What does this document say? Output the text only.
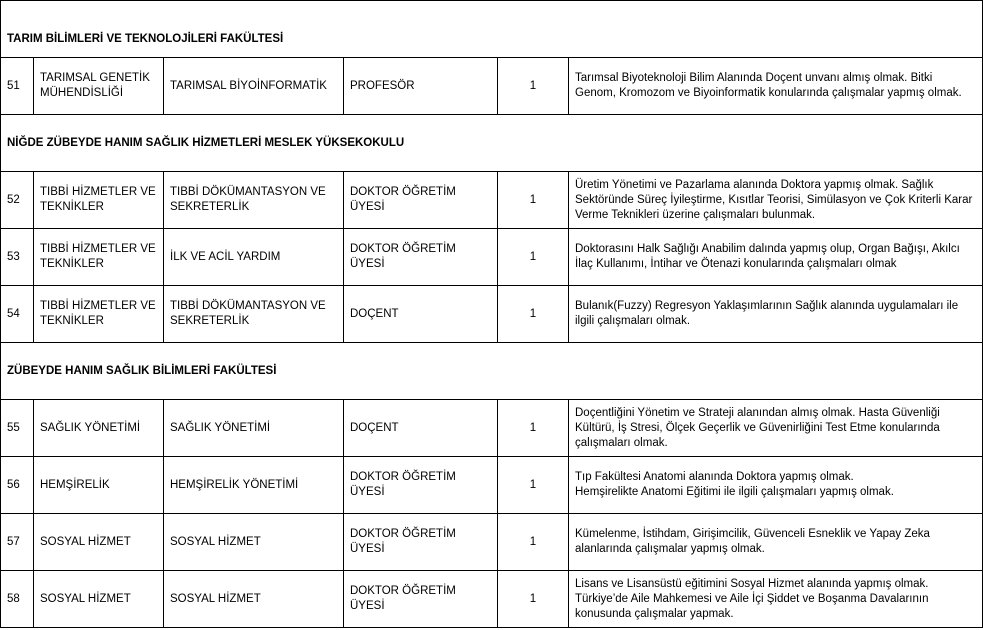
TARIM BİLİMLERİ VE TEKNOLOJİLERİ FAKÜLTESİ					
51	TARIMSAL GENETİK MÜHENDİSLİĞİ	TARIMSAL BİYOİNFORMATİK	PROFESÖR	1	Tarımsal Biyoteknoloji Bilim Alanında Doçent unvanı almış olmak. Bitki Genom, Kromozom ve Biyoinformatik konularında çalışmalar yapmış olmak.
NİĞDE ZÜBEYDE HANIM SAĞLIK HİZMETLERİ MESLEK YÜKSEKOKULU					
52	TIBBİ HİZMETLER VE TEKNİKLER	TIBBİ DÖKÜMANTASYON VE SEKRETERLİK	DOKTOR ÖĞRETİM ÜYESİ	1	Üretim Yönetimi ve Pazarlama alanında Doktora yapmış olmak. Sağlık Sektöründe Süreç İyileştirme, Kısıtlar Teorisi, Simülasyon ve Çok Kriterli Karar Verme Teknikleri üzerine çalışmaları bulunmak.
53	TIBBİ HİZMETLER VE TEKNİKLER	İLK VE ACİL YARDIM	DOKTOR ÖĞRETİM ÜYESİ	1	Doktorasını Halk Sağlığı Anabilim dalında yapmış olup, Organ Bağışı, Akılcı İlaç Kullanımı, İntihar ve Ötenazi konularında çalışmaları olmak
54	TIBBİ HİZMETLER VE TEKNİKLER	TIBBİ DÖKÜMANTASYON VE SEKRETERLİK	DOÇENT	1	Bulanık(Fuzzy) Regresyon Yaklaşımlarının Sağlık alanında uygulamaları ile ilgili çalışmaları olmak.
ZÜBEYDE HANIM SAĞLIK BİLİMLERİ FAKÜLTESİ					
55	SAĞLIK YÖNETİMİ	SAĞLIK YÖNETİMİ	DOÇENT	1	Doçentliğini Yönetim ve Strateji alanından almış olmak. Hasta Güvenliği Kültürü, İş Stresi, Ölçek Geçerlik ve Güvenirliğini Test Etme konularında çalışmaları olmak.
56	HEMŞİRELİK	HEMŞİRELİK YÖNETİMİ	DOKTOR ÖĞRETİM ÜYESİ	1	Tıp Fakültesi Anatomi alanında Doktora yapmış olmak.
Hemşirelikte Anatomi Eğitimi ile ilgili çalışmaları yapmış olmak.
57	SOSYAL HİZMET	SOSYAL HİZMET	DOKTOR ÖĞRETİM ÜYESİ	1	Kümelenme, İstihdam, Girişimcilik, Güvenceli Esneklik ve Yapay Zeka alanlarında çalışmalar yapmış olmak.
58	SOSYAL HİZMET	SOSYAL HİZMET	DOKTOR ÖĞRETİM ÜYESİ	1	Lisans ve Lisansüstü eğitimini Sosyal Hizmet alanında yapmış olmak. Türkiye’de Aile Mahkemesi ve Aile İçi Şiddet ve Boşanma Davalarının konusunda çalışmalar yapmak.
